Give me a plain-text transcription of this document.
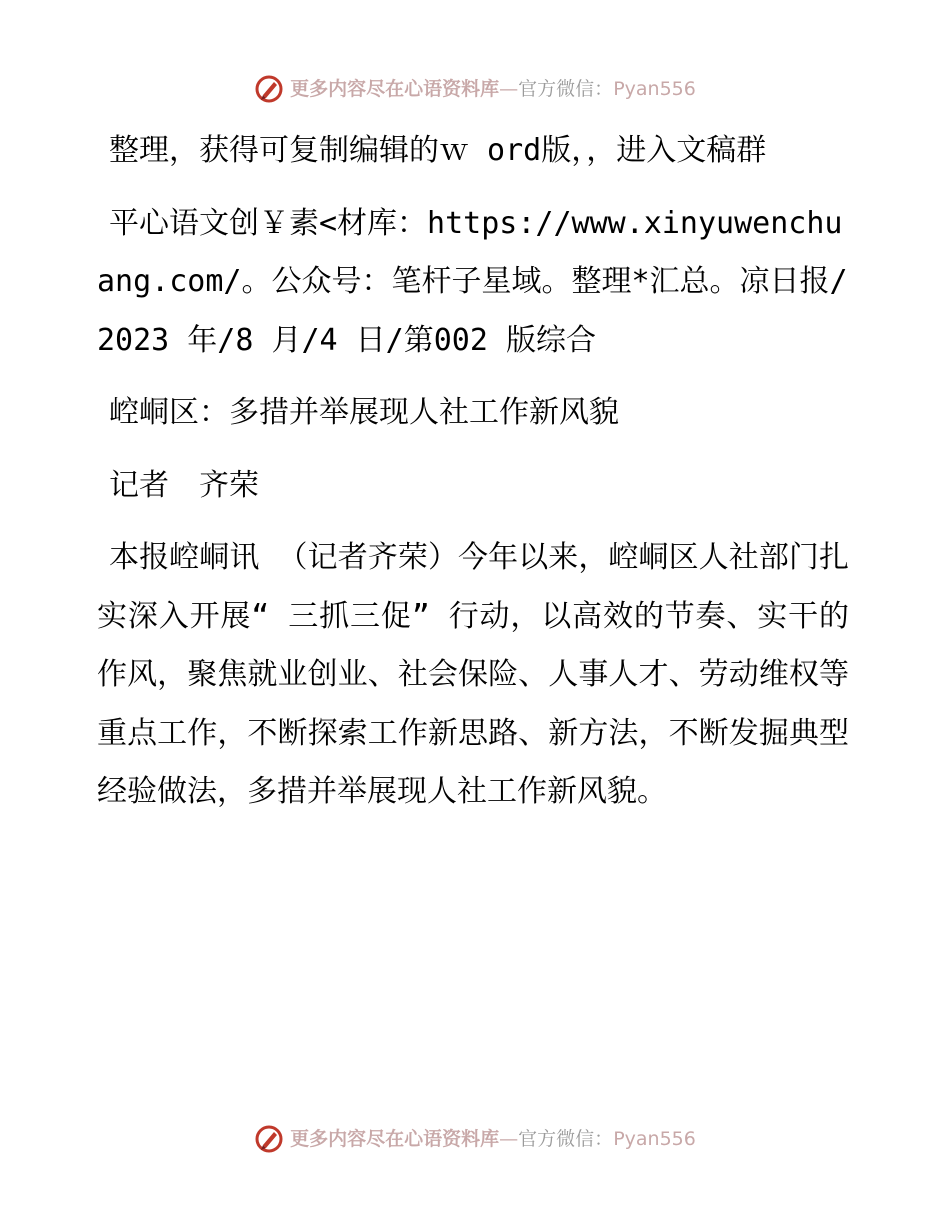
更多内容尽在心语资料库 — 官方微信： Pyan556

整理，获得可复制编辑的ｗ ord版，，进入文稿群

平心语文创￥素<材库：https://www.xinyuwenchuang.com/。公众号：笔杆子星域。整理*汇总。凉日报/2023 年/8 月/4 日/第002 版综合

崆峒区：多措并举展现人社工作新风貌

记者　齐荣

本报崆峒讯 （记者齐荣）今年以来，崆峒区人社部门扎实深入开展“ 三抓三促” 行动，以高效的节奏、实干的作风，聚焦就业创业、社会保险、人事人才、劳动维权等重点工作，不断探索工作新思路、新方法，不断发掘典型经验做法，多措并举展现人社工作新风貌。

更多内容尽在心语资料库 — 官方微信： Pyan556
